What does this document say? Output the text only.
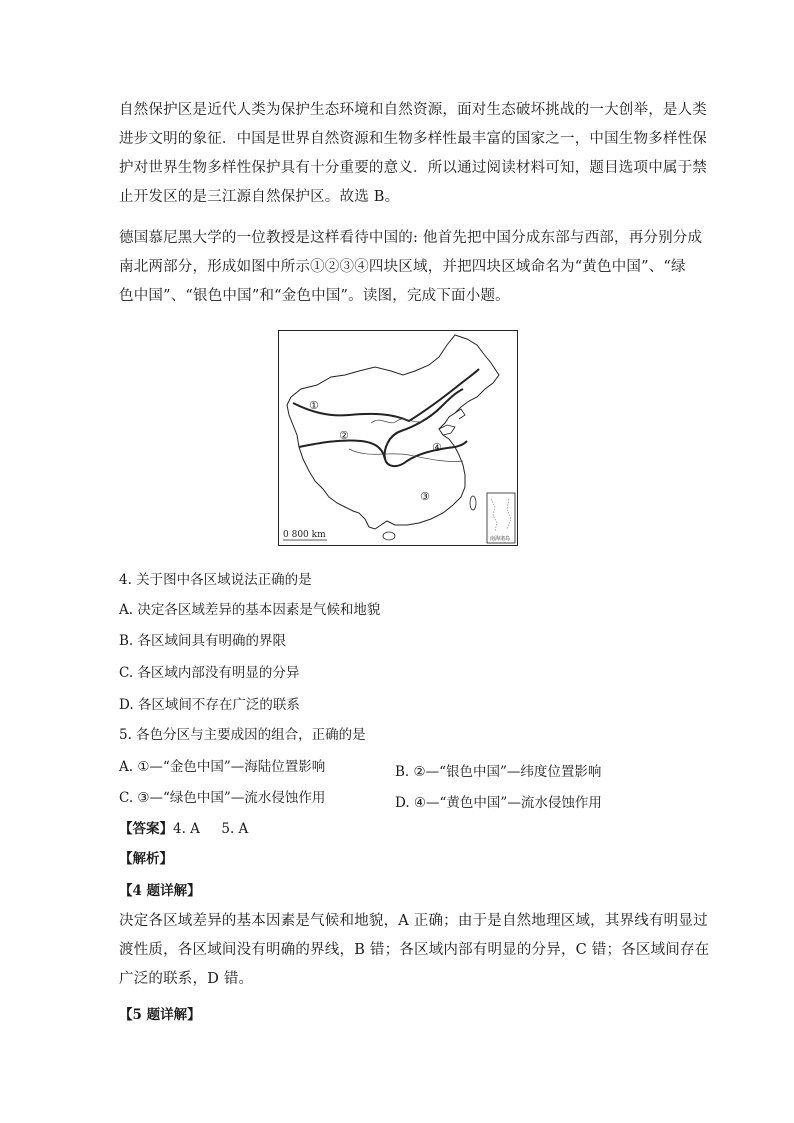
自然保护区是近代人类为保护生态环境和自然资源，面对生态破坏挑战的一大创举，是人类

进步文明的象征．中国是世界自然资源和生物多样性最丰富的国家之一，中国生物多样性保

护对世界生物多样性保护具有十分重要的意义．所以通过阅读材料可知，题目选项中属于禁

止开发区的是三江源自然保护区。故选 B。

德国慕尼黑大学的一位教授是这样看待中国的: 他首先把中国分成东部与西部，再分别分成

南北两部分，形成如图中所示①②③④四块区域，并把四块区域命名为“黄色中国”、“绿

色中国”、“银色中国”和“金色中国”。读图，完成下面小题。

①
②
③
④
0 800 km	南海诸岛
4. 关于图中各区域说法正确的是
A. 决定各区域差异的基本因素是气候和地貌
B. 各区域间具有明确的界限
C. 各区域内部没有明显的分异
D. 各区域间不存在广泛的联系
5. 各色分区与主要成因的组合，正确的是
A. ①—“金色中国”—海陆位置影响	B. ②—“银色中国”—纬度位置影响
C. ③—“绿色中国”—流水侵蚀作用	D. ④—“黄色中国”—流水侵蚀作用
【答案】4. A     5. A
【解析】
【4 题详解】

决定各区域差异的基本因素是气候和地貌，A 正确；由于是自然地理区域，其界线有明显过

渡性质，各区域间没有明确的界线，B 错；各区域内部有明显的分异，C 错；各区域间存在

广泛的联系，D 错。

【5 题详解】
